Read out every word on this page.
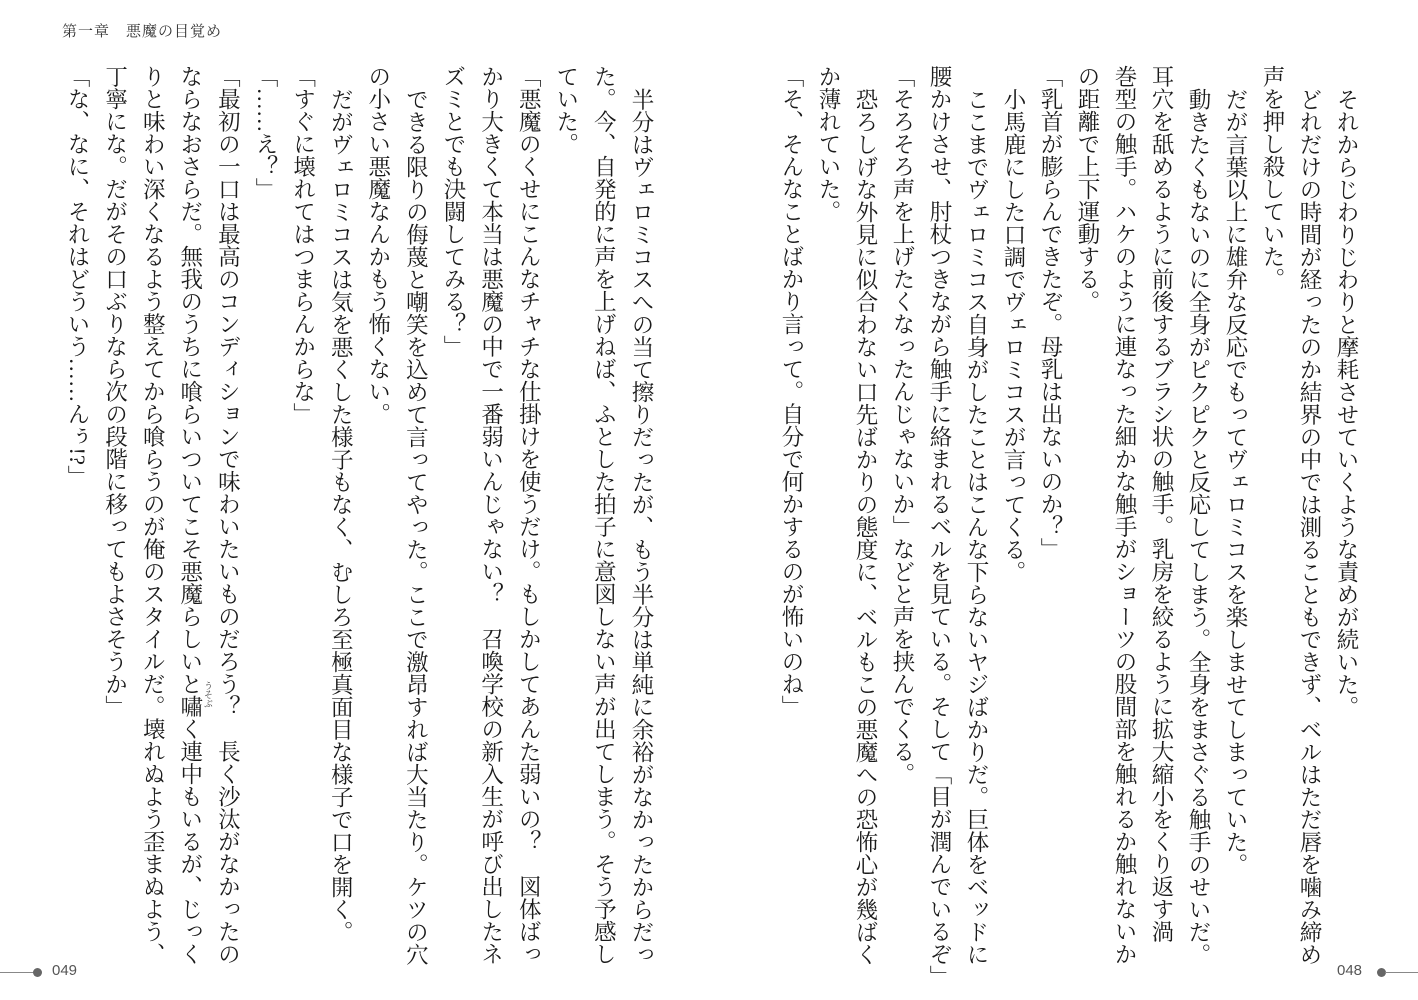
第一章　悪魔の目覚め
それからじわりじわりと摩耗させていくような責めが続いた。
どれだけの時間が経ったのか結界の中では測ることもできず、ベルはただ唇を噛み締め
声を押し殺していた。
だが言葉以上に雄弁な反応でもってヴェロミコスを楽しませてしまっていた。
動きたくもないのに全身がピクピクと反応してしまう。全身をまさぐる触手のせいだ。
耳穴を舐めるように前後するブラシ状の触手。乳房を絞るように拡大縮小をくり返す渦
巻型の触手。ハケのように連なった細かな触手がショーツの股間部を触れるか触れないか
の距離で上下運動する。
「乳首が膨らんできたぞ。母乳は出ないのか？」
小馬鹿にした口調でヴェロミコスが言ってくる。
ここまでヴェロミコス自身がしたことはこんな下らないヤジばかりだ。巨体をベッドに
腰かけさせ、肘杖つきながら触手に絡まれるベルを見ている。そして「目が潤んでいるぞ」
「そろそろ声を上げたくなったんじゃないか」などと声を挟んでくる。
恐ろしげな外見に似合わない口先ばかりの態度に、ベルもこの悪魔への恐怖心が幾ばく
か薄れていた。
「そ、そんなことばかり言って。自分で何かするのが怖いのね」
半分はヴェロミコスへの当て擦りだったが、もう半分は単純に余裕がなかったからだっ
た。今、自発的に声を上げねば、ふとした拍子に意図しない声が出てしまう。そう予感し
ていた。
「悪魔のくせにこんなチャチな仕掛けを使うだけ。もしかしてあんた弱いの？　図体ばっ
かり大きくて本当は悪魔の中で一番弱いんじゃない？　召喚学校の新入生が呼び出したネ
ズミとでも決闘してみる？」
できる限りの侮蔑と嘲笑を込めて言ってやった。ここで激昂すれば大当たり。ケツの穴
の小さい悪魔なんかもう怖くない。
だがヴェロミコスは気を悪くした様子もなく、むしろ至極真面目な様子で口を開く。
「すぐに壊れてはつまらんからな」
「……え？」
「最初の一口は最高のコンディションで味わいたいものだろう？　長く沙汰がなかったの
ならなおさらだ。無我のうちに喰らいついてこそ悪魔らしいと嘯く連中もいるが、じっく
りと味わい深くなるよう整えてから喰らうのが俺のスタイルだ。壊れぬよう歪まぬよう、
丁寧にな。だがその口ぶりなら次の段階に移ってもよさそうか」
「な、なに、それはどういう……んぅ!?」
うそぶ
049	048
